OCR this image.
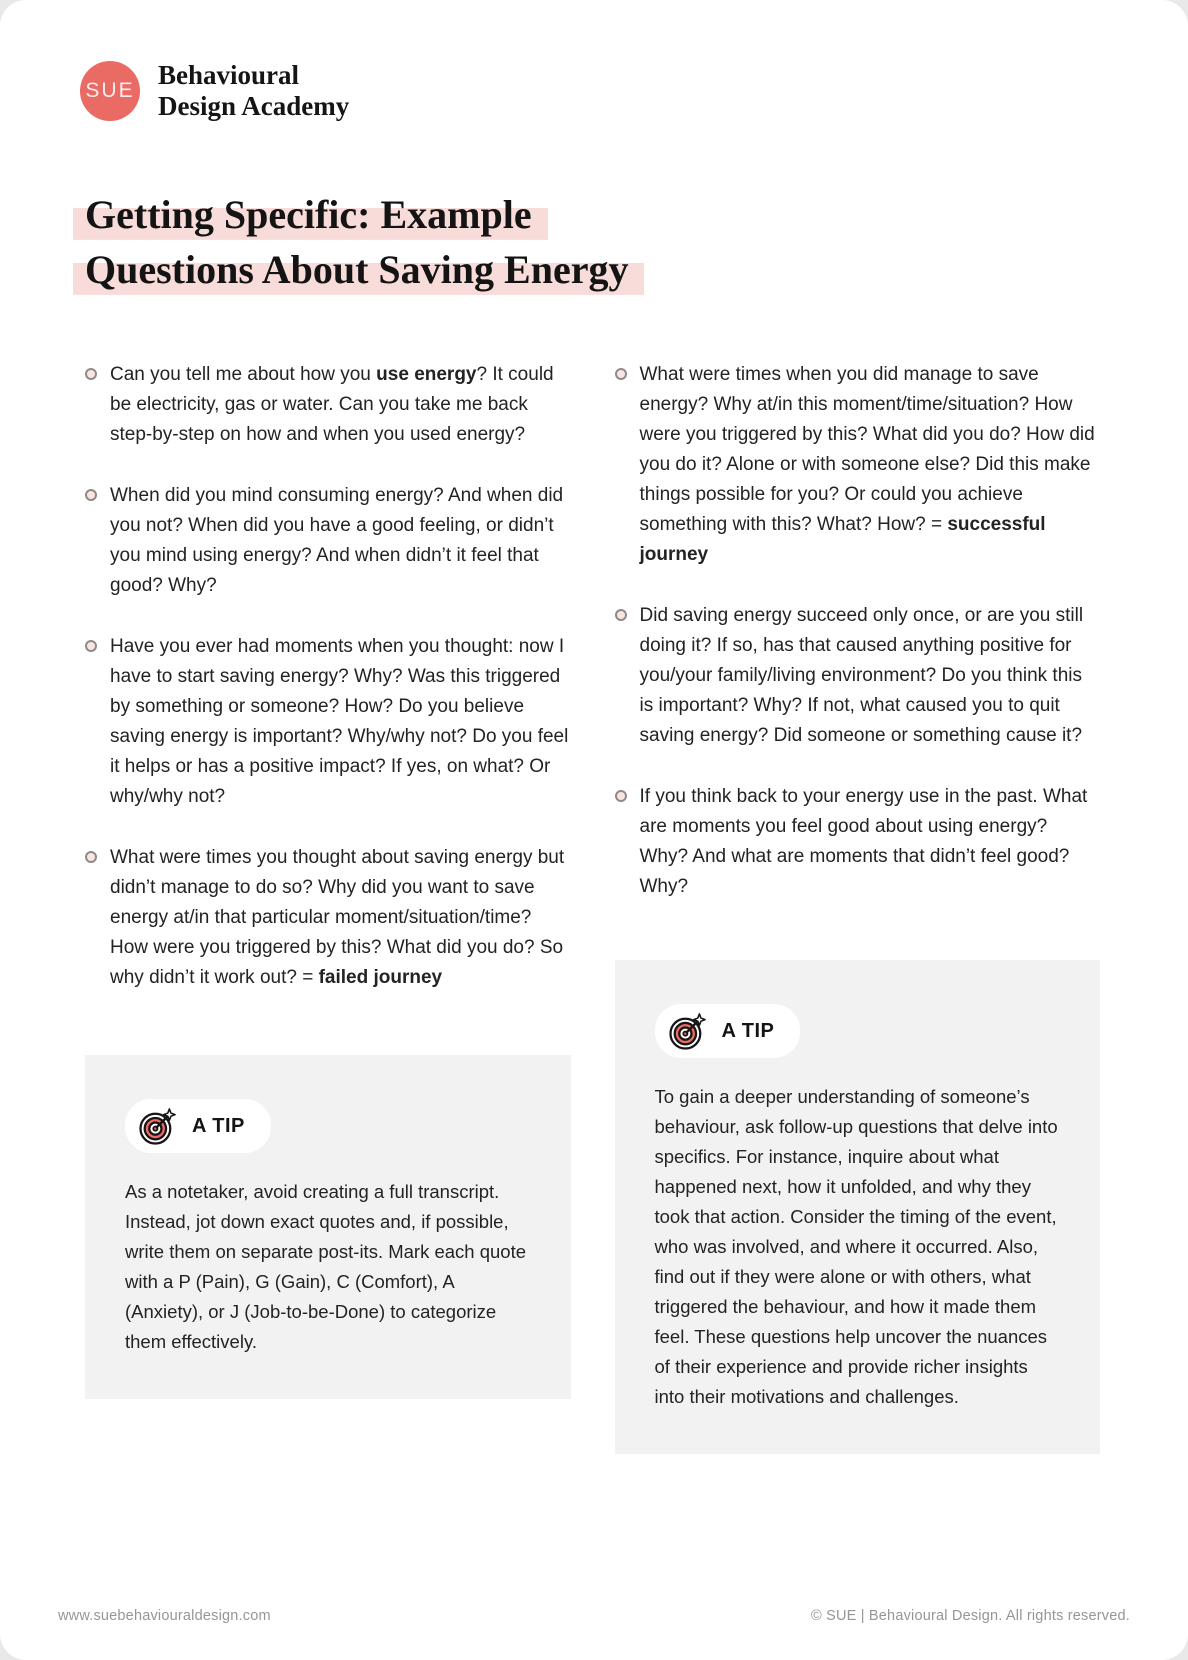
SUE
Behavioural
Design Academy
Getting Specific: Example
Questions About Saving Energy

Can you tell me about how you use energy? It could be electricity, gas or water. Can you take me back step-by-step on how and when you used energy?

When did you mind consuming energy? And when did you not? When did you have a good feeling, or didn’t you mind using energy? And when didn’t it feel that good? Why?

Have you ever had moments when you thought: now I have to start saving energy? Why? Was this triggered by something or someone? How? Do you believe saving energy is important? Why/why not? Do you feel it helps or has a positive impact? If yes, on what? Or why/why not?

What were times you thought about saving energy but didn’t manage to do so? Why did you want to save energy at/in that particular moment/situation/time? How were you triggered by this? What did you do? So why didn’t it work out? = failed journey

A TIP

As a notetaker, avoid creating a full transcript. Instead, jot down exact quotes and, if possible, write them on separate post-its. Mark each quote with a P (Pain), G (Gain), C (Comfort), A (Anxiety), or J (Job-to-be-Done) to categorize them effectively.

What were times when you did manage to save energy? Why at/in this moment/time/situation? How were you triggered by this? What did you do? How did you do it? Alone or with someone else? Did this make things possible for you? Or could you achieve something with this? What? How? = successful journey

Did saving energy succeed only once, or are you still doing it? If so, has that caused anything positive for you/your family/living environment? Do you think this is important? Why? If not, what caused you to quit saving energy? Did someone or something cause it?

If you think back to your energy use in the past. What are moments you feel good about using energy? Why? And what are moments that didn’t feel good? Why?

A TIP

To gain a deeper understanding of someone’s behaviour, ask follow-up questions that delve into specifics. For instance, inquire about what happened next, how it unfolded, and why they took that action. Consider the timing of the event, who was involved, and where it occurred. Also, find out if they were alone or with others, what triggered the behaviour, and how it made them feel. These questions help uncover the nuances of their experience and provide richer insights into their motivations and challenges.

www.suebehaviouraldesign.com	© SUE | Behavioural Design. All rights reserved.
